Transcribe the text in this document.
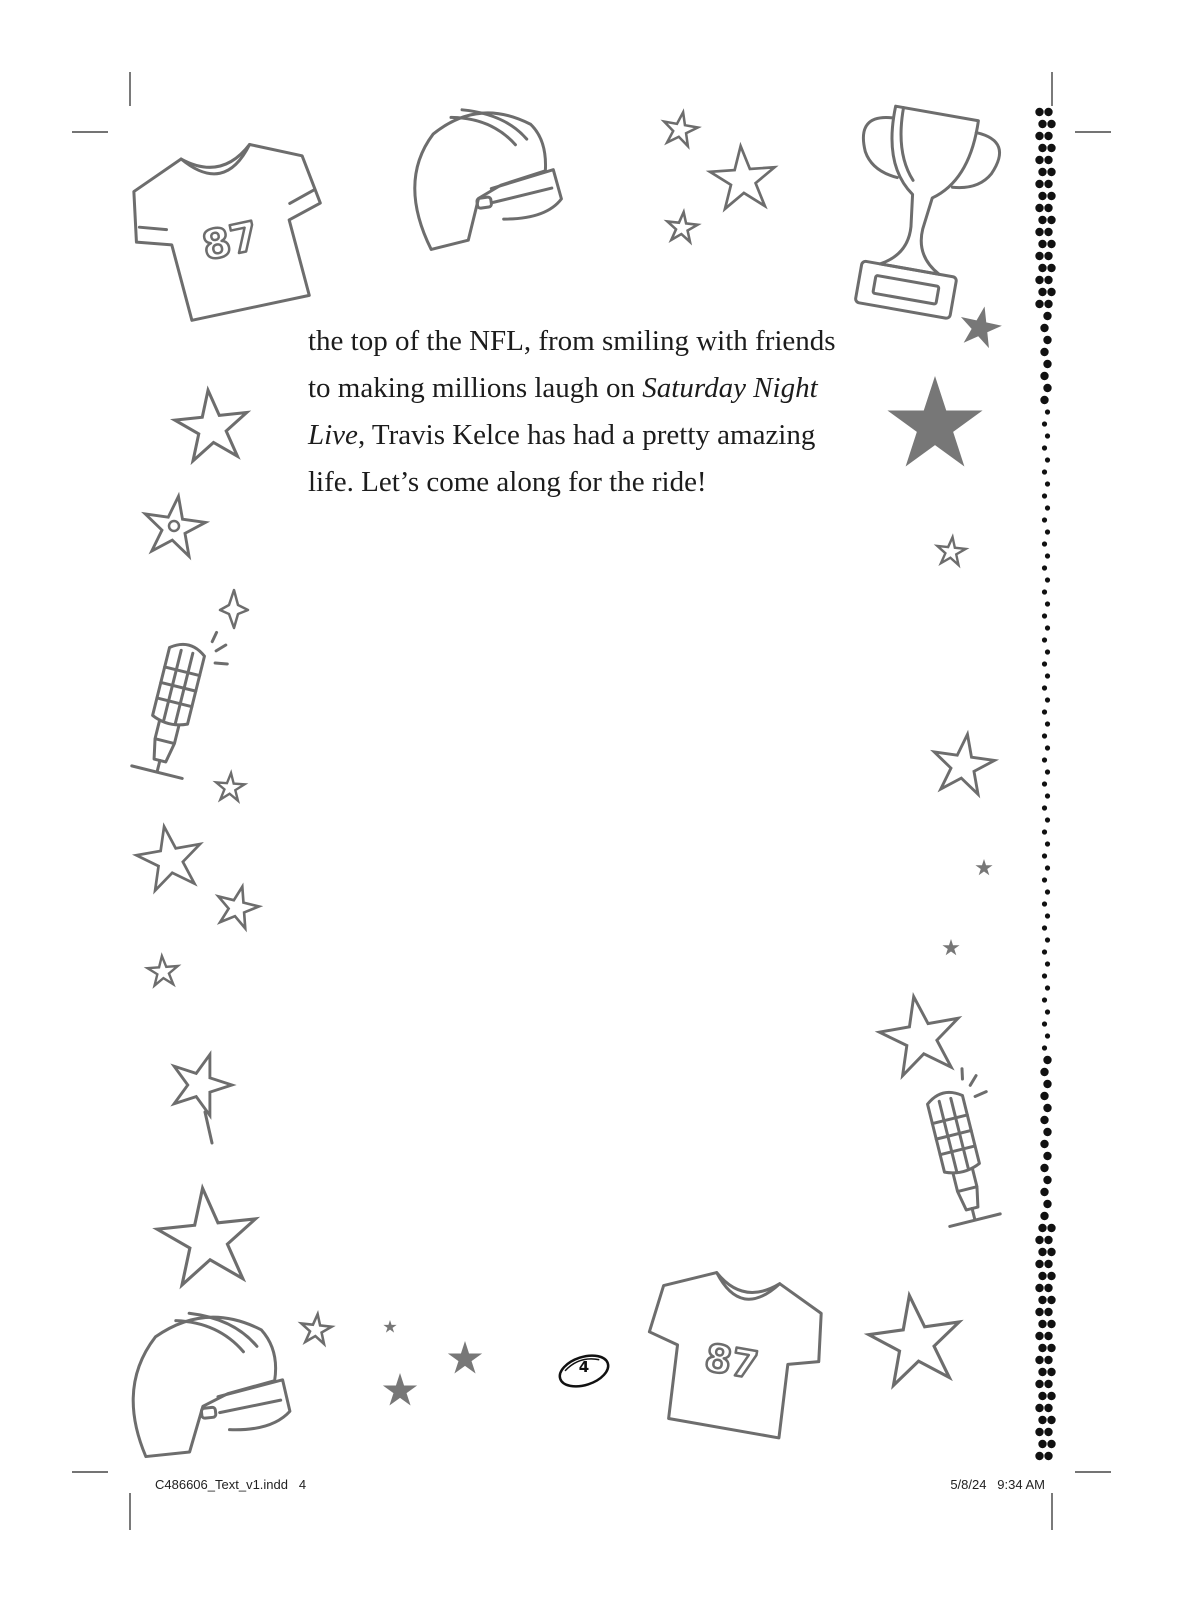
87
87
the top of the NFL, from smiling with friends
to making millions laugh on Saturday Night
Live, Travis Kelce has had a pretty amazing
life. Let’s come along for the ride!
4
C486606_Text_v1.indd   4	5/8/24   9:34 AM
